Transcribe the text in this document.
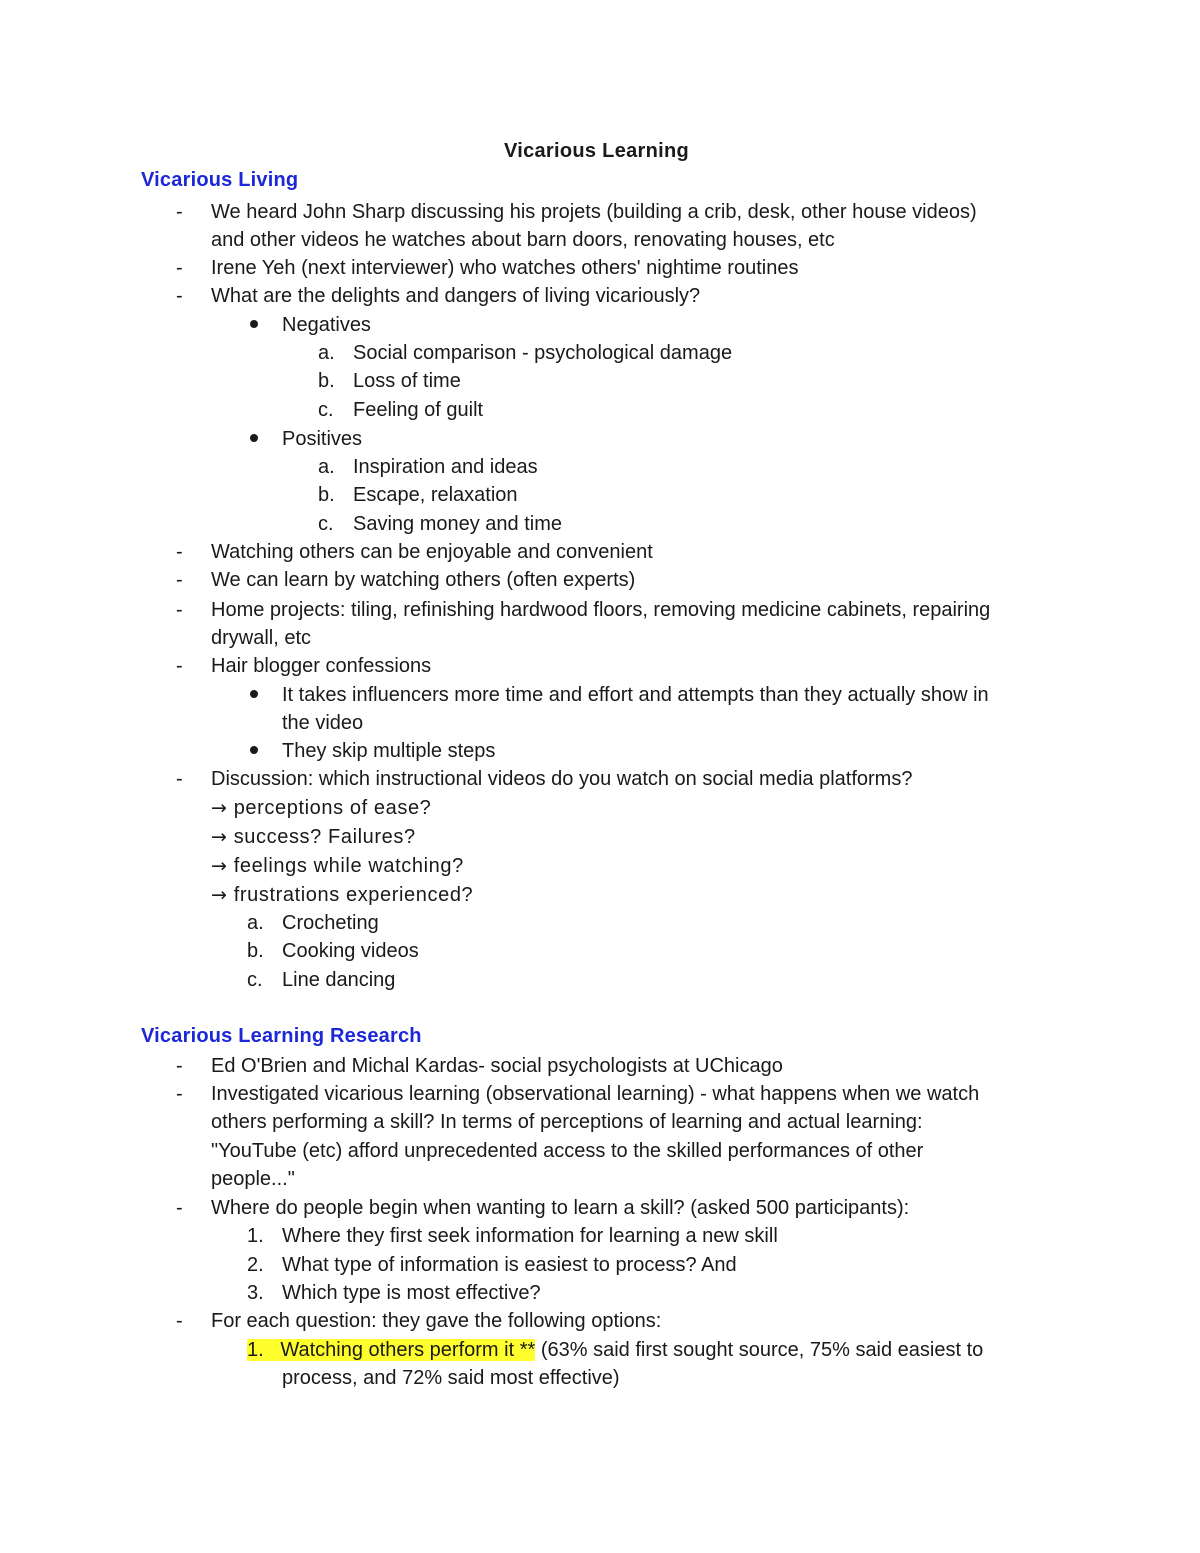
Vicarious Learning
Vicarious Living
- We heard John Sharp discussing his projets (building a crib, desk, other house videos)
and other videos he watches about barn doors, renovating houses, etc
- Irene Yeh (next interviewer) who watches others' nightime routines
- What are the delights and dangers of living vicariously?
Negatives
a. Social comparison - psychological damage
b. Loss of time
c. Feeling of guilt
Positives
a. Inspiration and ideas
b. Escape, relaxation
c. Saving money and time
- Watching others can be enjoyable and convenient
- We can learn by watching others (often experts)
- Home projects: tiling, refinishing hardwood floors, removing medicine cabinets, repairing
drywall, etc
- Hair blogger confessions
It takes influencers more time and effort and attempts than they actually show in
the video
They skip multiple steps
- Discussion: which instructional videos do you watch on social media platforms?
→ perceptions of ease?
→ success? Failures?
→ feelings while watching?
→ frustrations experienced?
a. Crocheting
b. Cooking videos
c. Line dancing
Vicarious Learning Research
- Ed O'Brien and Michal Kardas- social psychologists at UChicago
- Investigated vicarious learning (observational learning) - what happens when we watch
others performing a skill? In terms of perceptions of learning and actual learning:
"YouTube (etc) afford unprecedented access to the skilled performances of other
people..."
- Where do people begin when wanting to learn a skill? (asked 500 participants):
1. Where they first seek information for learning a new skill
2. What type of information is easiest to process? And
3. Which type is most effective?
- For each question: they gave the following options:
1. Watching others perform it ** (63% said first sought source, 75% said easiest to
process, and 72% said most effective)
